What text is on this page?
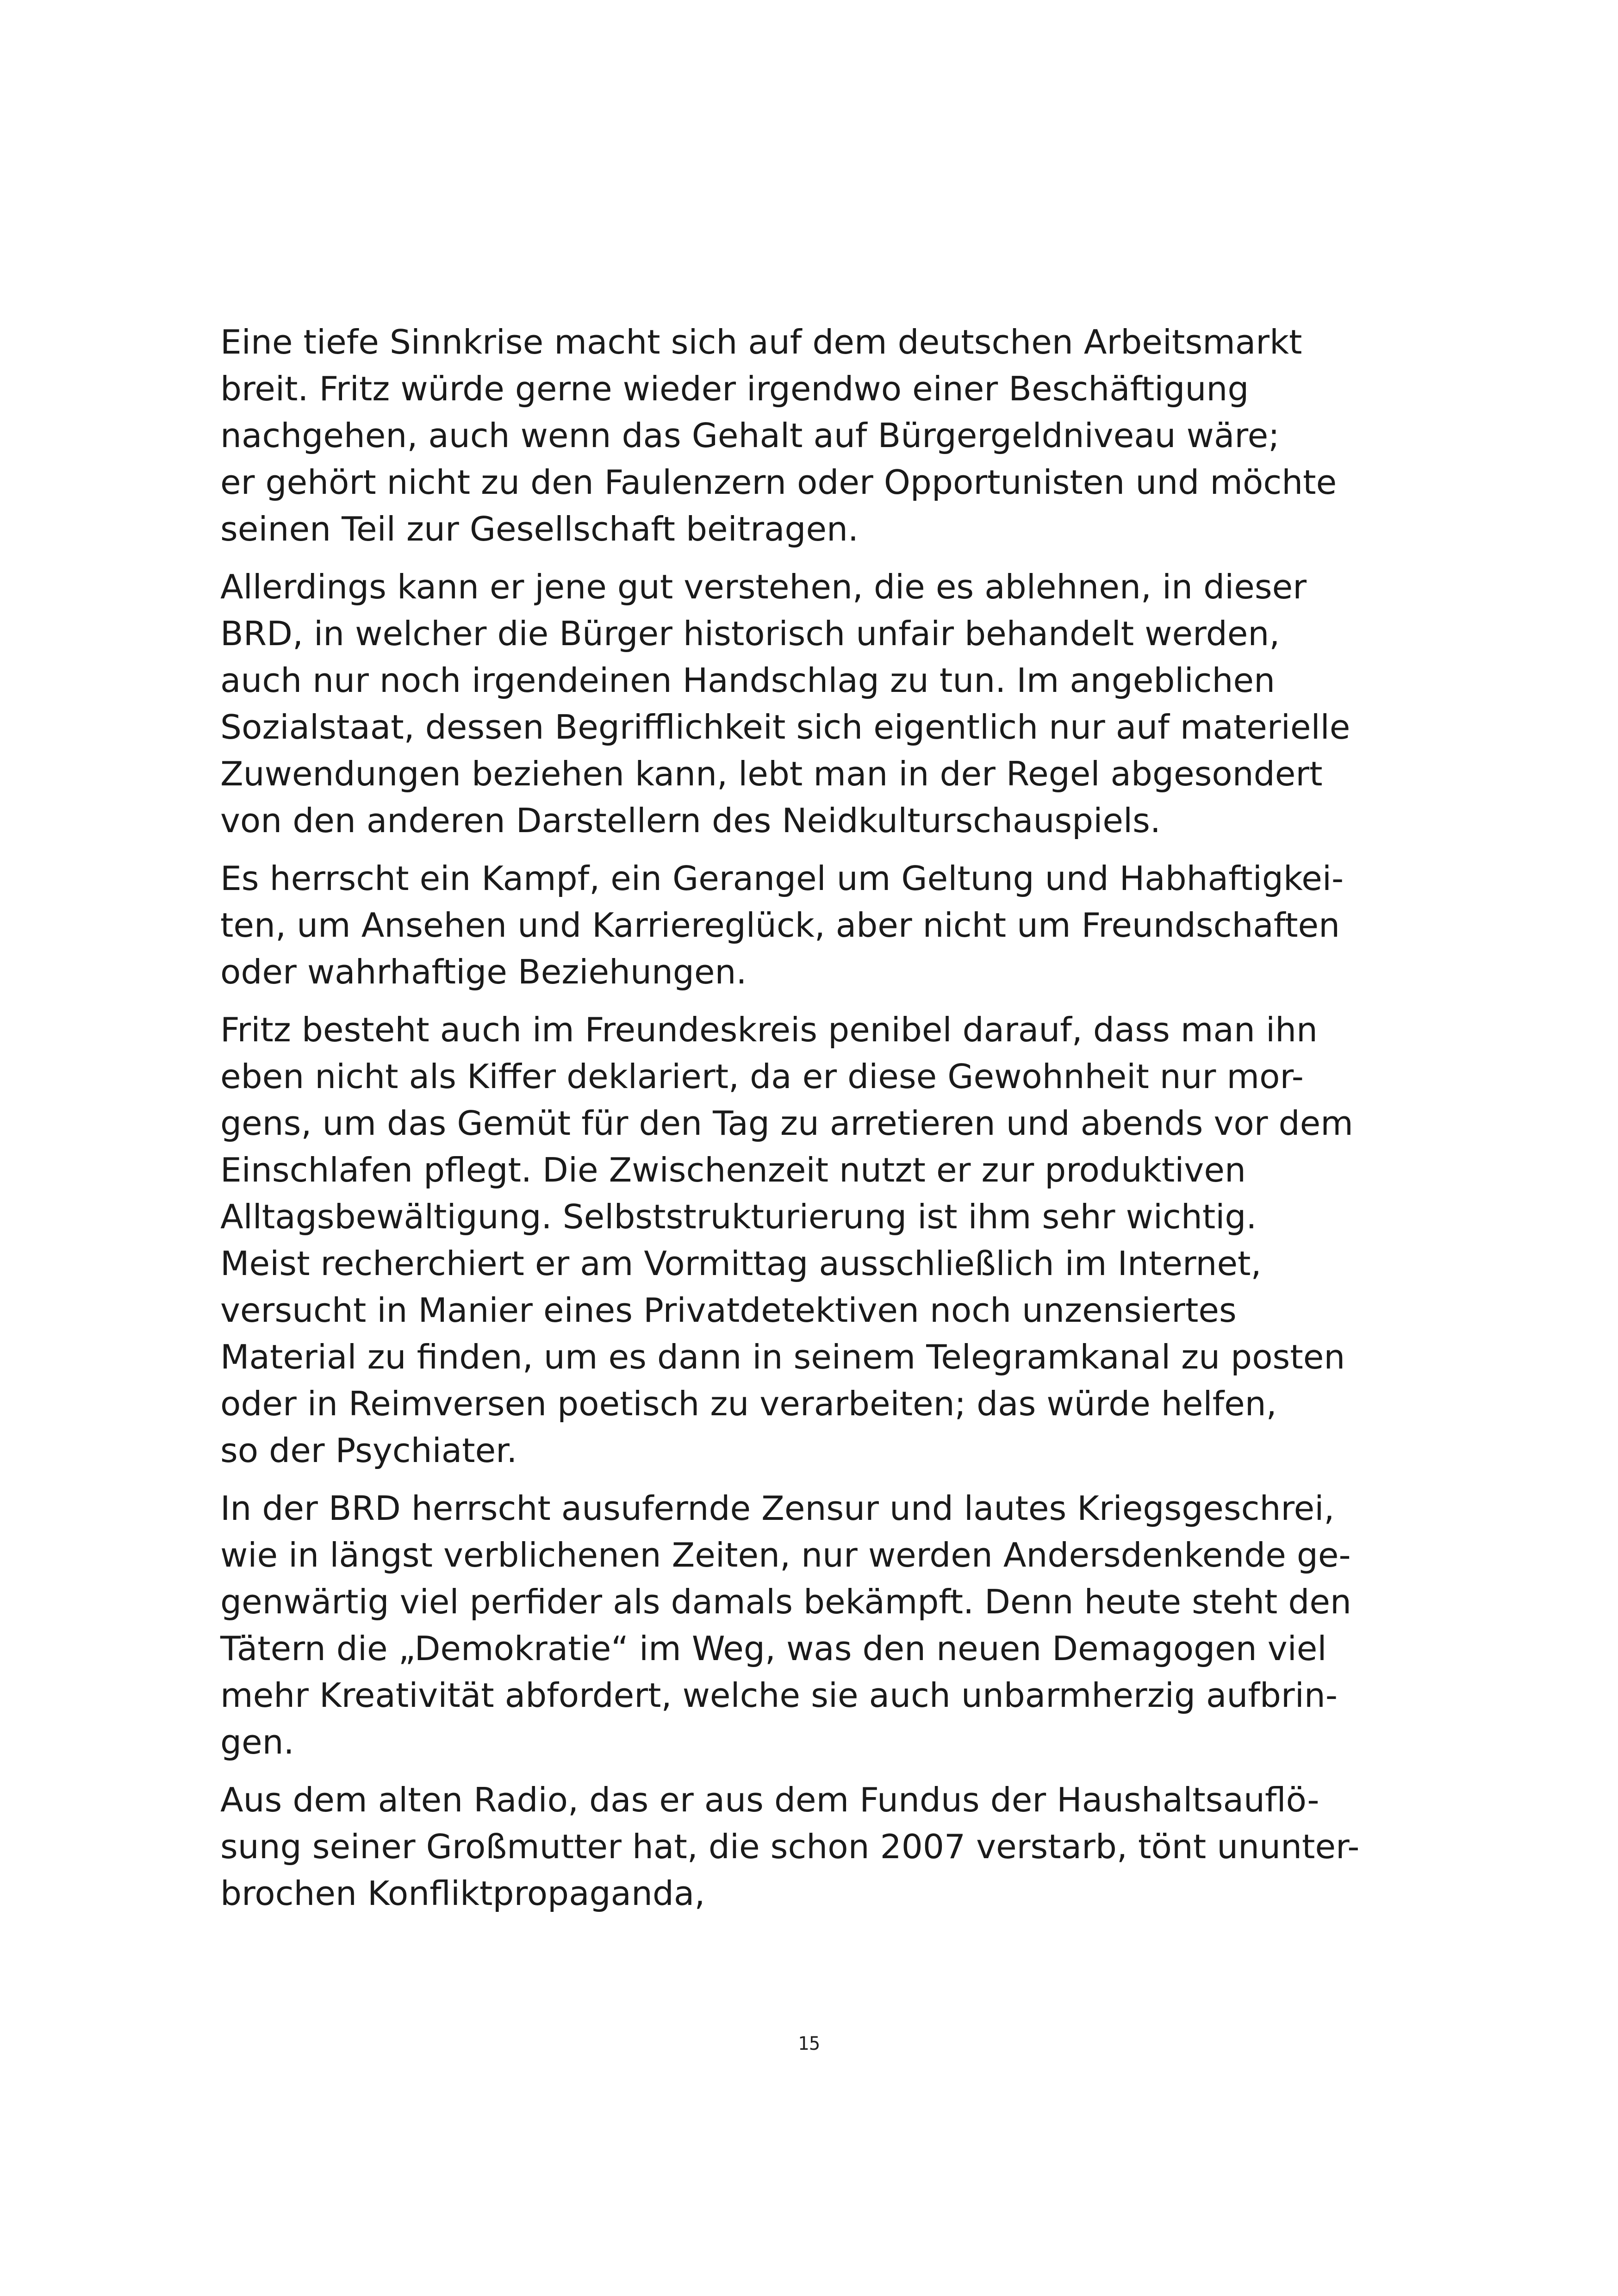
Eine tiefe Sinnkrise macht sich auf dem deutschen Arbeitsmarkt
breit. Fritz würde gerne wieder irgendwo einer Beschäftigung
nachgehen, auch wenn das Gehalt auf Bürgergeldniveau wäre;
er gehört nicht zu den Faulenzern oder Opportunisten und möchte
seinen Teil zur Gesellschaft beitragen.
Allerdings kann er jene gut verstehen, die es ablehnen, in dieser
BRD, in welcher die Bürger historisch unfair behandelt werden,
auch nur noch irgendeinen Handschlag zu tun. Im angeblichen
Sozialstaat, dessen Begrifflichkeit sich eigentlich nur auf materielle
Zuwendungen beziehen kann, lebt man in der Regel abgesondert
von den anderen Darstellern des Neidkulturschauspiels.
Es herrscht ein Kampf, ein Gerangel um Geltung und Habhaftigkei-
ten, um Ansehen und Karriereglück, aber nicht um Freundschaften
oder wahrhaftige Beziehungen.
Fritz besteht auch im Freundeskreis penibel darauf, dass man ihn
eben nicht als Kiffer deklariert, da er diese Gewohnheit nur mor-
gens, um das Gemüt für den Tag zu arretieren und abends vor dem
Einschlafen pflegt. Die Zwischenzeit nutzt er zur produktiven
Alltagsbewältigung. Selbststrukturierung ist ihm sehr wichtig.
Meist recherchiert er am Vormittag ausschließlich im Internet,
versucht in Manier eines Privatdetektiven noch unzensiertes
Material zu finden, um es dann in seinem Telegramkanal zu posten
oder in Reimversen poetisch zu verarbeiten; das würde helfen,
so der Psychiater.
In der BRD herrscht ausufernde Zensur und lautes Kriegsgeschrei,
wie in längst verblichenen Zeiten, nur werden Andersdenkende ge-
genwärtig viel perfider als damals bekämpft. Denn heute steht den
Tätern die „Demokratie“ im Weg, was den neuen Demagogen viel
mehr Kreativität abfordert, welche sie auch unbarmherzig aufbrin-
gen.
Aus dem alten Radio, das er aus dem Fundus der Haushaltsauflö-
sung seiner Großmutter hat, die schon 2007 verstarb, tönt ununter-
brochen Konfliktpropaganda,
15
